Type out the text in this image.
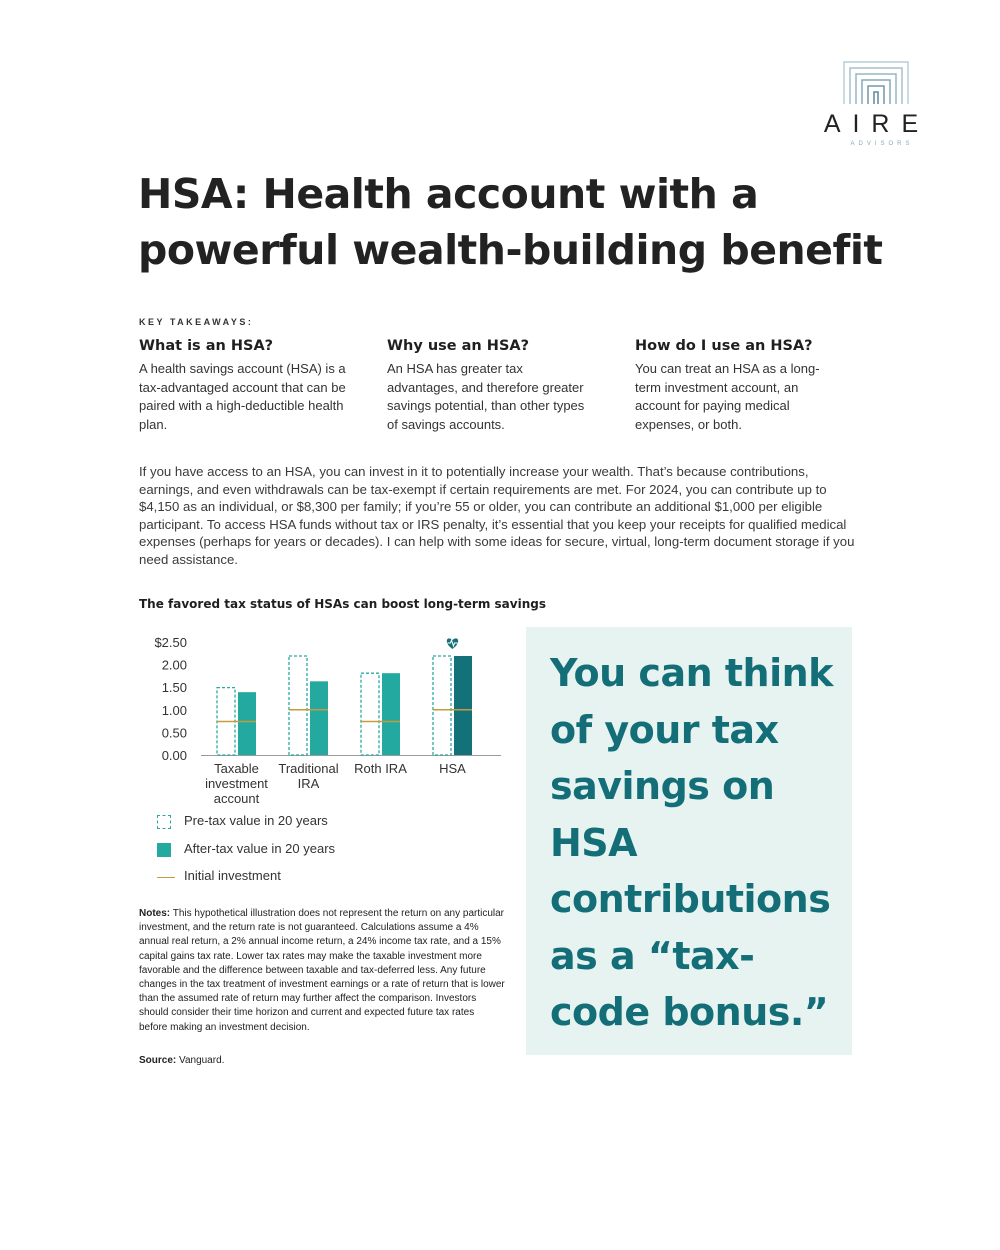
AIRE
ADVISORS
HSA: Health account with a powerful wealth-building benefit
KEY TAKEAWAYS:
What is an HSA?

A health savings account (HSA) is a tax-advantaged account that can be paired with a high-deductible health plan.

Why use an HSA?

An HSA has greater tax advantages, and therefore greater savings potential, than other types of savings accounts.

How do I use an HSA?

You can treat an HSA as a long-term investment account, an account for paying medical expenses, or both.

If you have access to an HSA, you can invest in it to potentially increase your wealth. That’s because contributions, earnings, and even withdrawals can be tax-exempt if certain requirements are met. For 2024, you can contribute up to $4,150 as an individual, or $8,300 per family; if you’re 55 or older, you can contribute an additional $1,000 per eligible participant. To access HSA funds without tax or IRS penalty, it’s essential that you keep your receipts for qualified medical expenses (perhaps for years or decades). I can help with some ideas for secure, virtual, long-term document storage if you need assistance.

The favored tax status of HSAs can boost long-term savings
$2.50
2.00
1.50
1.00
0.50
0.00
Taxable
investment
account
Traditional
IRA
Roth IRA HSA
Pre-tax value in 20 years
After-tax value in 20 years
Initial investment

Notes: This hypothetical illustration does not represent the return on any particular investment, and the return rate is not guaranteed. Calculations assume a 4% annual real return, a 2% annual income return, a 24% income tax rate, and a 15% capital gains tax rate. Lower tax rates may make the taxable investment more favorable and the difference between taxable and tax-deferred less. Any future changes in the tax treatment of investment earnings or a rate of return that is lower than the assumed rate of return may further affect the comparison. Investors should consider their time horizon and current and expected future tax rates before making an investment decision.

Source: Vanguard.

You can think of your tax savings on HSA contributions as a “tax-code bonus.”
